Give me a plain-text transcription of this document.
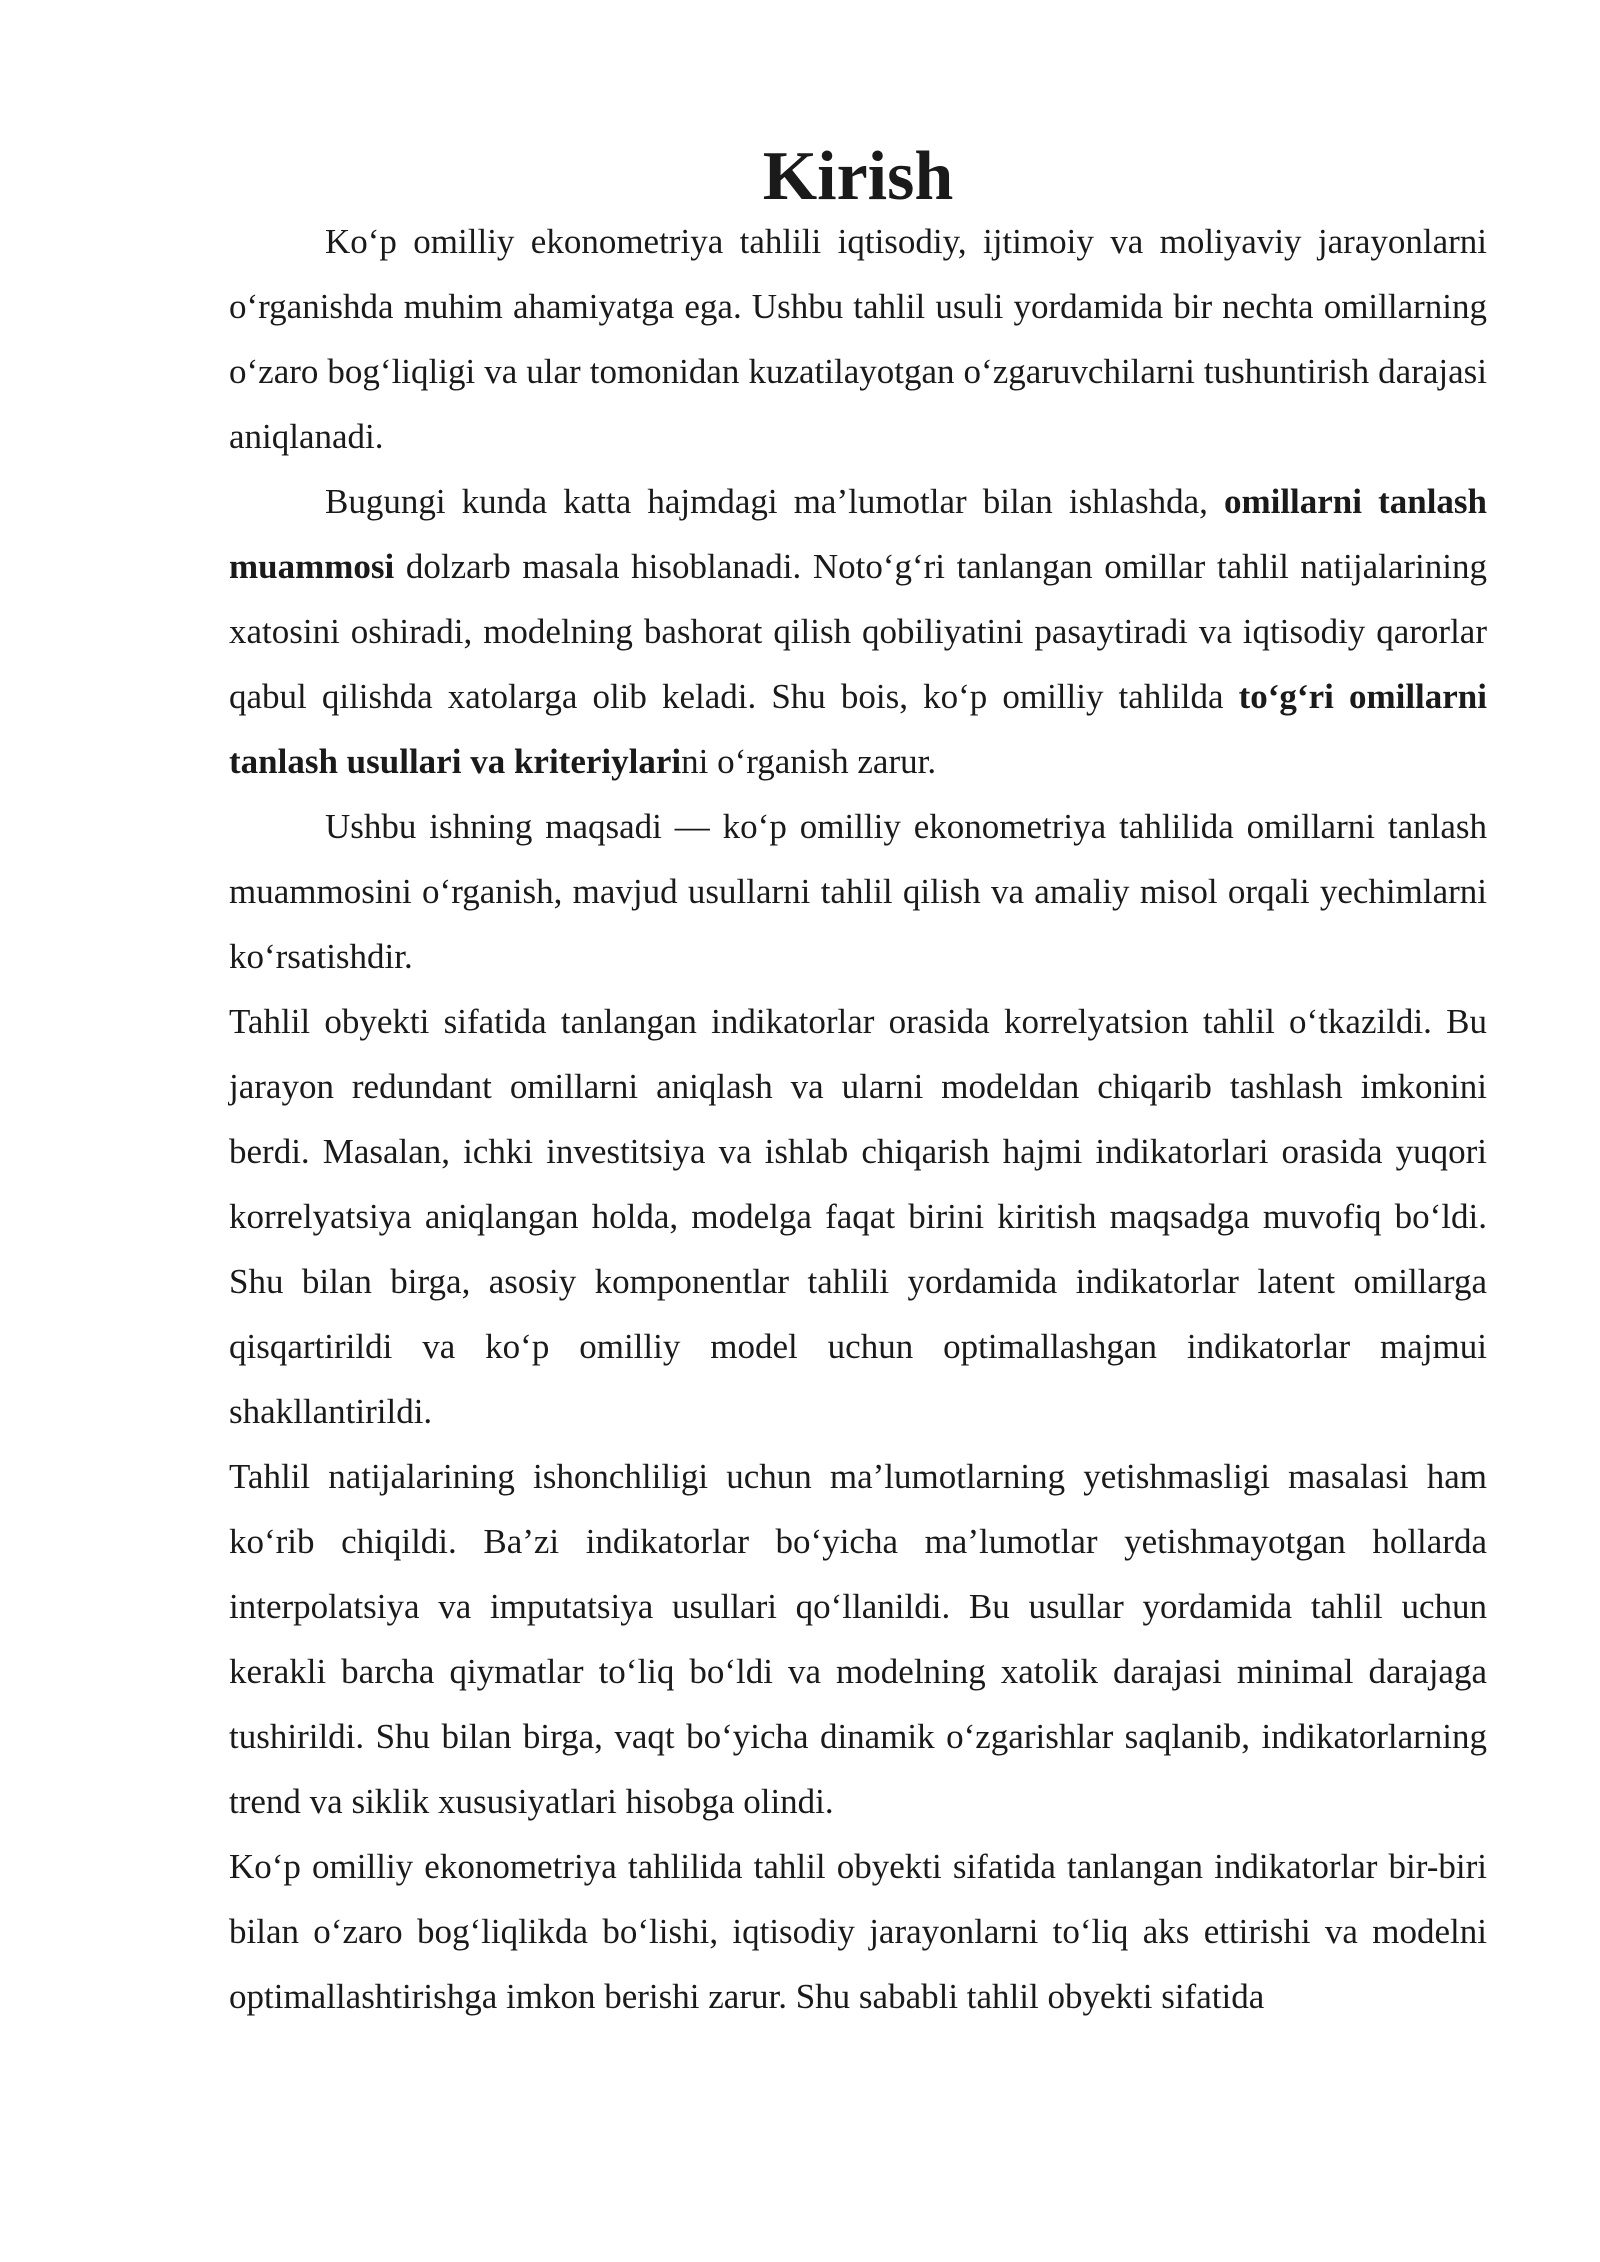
Kirish

Ko‘p omilliy ekonometriya tahlili iqtisodiy, ijtimoiy va moliyaviy jarayonlarni o‘rganishda muhim ahamiyatga ega. Ushbu tahlil usuli yordamida bir nechta omillarning o‘zaro bog‘liqligi va ular tomonidan kuzatilayotgan o‘zgaruvchilarni tushuntirish darajasi aniqlanadi.

Bugungi kunda katta hajmdagi ma’lumotlar bilan ishlashda, omillarni tanlash muammosi dolzarb masala hisoblanadi. Noto‘g‘ri tanlangan omillar tahlil natijalarining xatosini oshiradi, modelning bashorat qilish qobiliyatini pasaytiradi va iqtisodiy qarorlar qabul qilishda xatolarga olib keladi. Shu bois, ko‘p omilliy tahlilda to‘g‘ri omillarni tanlash usullari va kriteriylarini o‘rganish zarur.

Ushbu ishning maqsadi — ko‘p omilliy ekonometriya tahlilida omillarni tanlash muammosini o‘rganish, mavjud usullarni tahlil qilish va amaliy misol orqali yechimlarni ko‘rsatishdir.

Tahlil obyekti sifatida tanlangan indikatorlar orasida korrelyatsion tahlil o‘tkazildi. Bu jarayon redundant omillarni aniqlash va ularni modeldan chiqarib tashlash imkonini berdi. Masalan, ichki investitsiya va ishlab chiqarish hajmi indikatorlari orasida yuqori korrelyatsiya aniqlangan holda, modelga faqat birini kiritish maqsadga muvofiq bo‘ldi. Shu bilan birga, asosiy komponentlar tahlili yordamida indikatorlar latent omillarga qisqartirildi va ko‘p omilliy model uchun optimallashgan indikatorlar majmui shakllantirildi.

Tahlil natijalarining ishonchliligi uchun ma’lumotlarning yetishmasligi masalasi ham ko‘rib chiqildi. Ba’zi indikatorlar bo‘yicha ma’lumotlar yetishmayotgan hollarda interpolatsiya va imputatsiya usullari qo‘llanildi. Bu usullar yordamida tahlil uchun kerakli barcha qiymatlar to‘liq bo‘ldi va modelning xatolik darajasi minimal darajaga tushirildi. Shu bilan birga, vaqt bo‘yicha dinamik o‘zgarishlar saqlanib, indikatorlarning trend va siklik xususiyatlari hisobga olindi.

Ko‘p omilliy ekonometriya tahlilida tahlil obyekti sifatida tanlangan indikatorlar bir-biri bilan o‘zaro bog‘liqlikda bo‘lishi, iqtisodiy jarayonlarni to‘liq aks ettirishi va modelni optimallashtirishga imkon berishi zarur. Shu sababli tahlil obyekti sifatida
